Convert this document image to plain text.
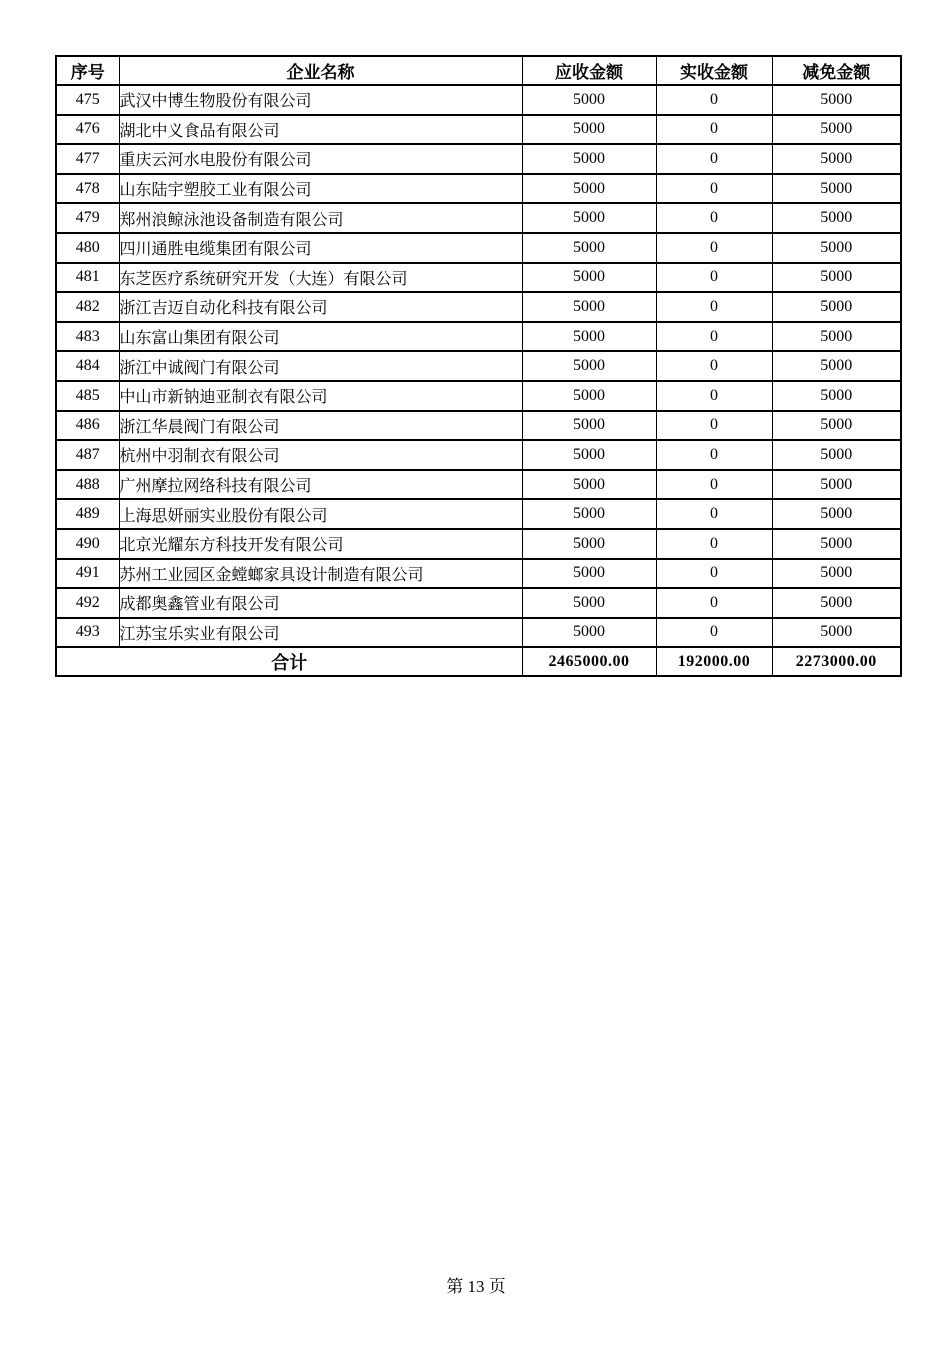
序号	企业名称	应收金额	实收金额	减免金额
475	武汉中博生物股份有限公司	5000	0	5000
476	湖北中义食品有限公司	5000	0	5000
477	重庆云河水电股份有限公司	5000	0	5000
478	山东陆宇塑胶工业有限公司	5000	0	5000
479	郑州浪鲸泳池设备制造有限公司	5000	0	5000
480	四川通胜电缆集团有限公司	5000	0	5000
481	东芝医疗系统研究开发（大连）有限公司	5000	0	5000
482	浙江吉迈自动化科技有限公司	5000	0	5000
483	山东富山集团有限公司	5000	0	5000
484	浙江中诚阀门有限公司	5000	0	5000
485	中山市新钠迪亚制衣有限公司	5000	0	5000
486	浙江华晨阀门有限公司	5000	0	5000
487	杭州中羽制衣有限公司	5000	0	5000
488	广州摩拉网络科技有限公司	5000	0	5000
489	上海思妍丽实业股份有限公司	5000	0	5000
490	北京光耀东方科技开发有限公司	5000	0	5000
491	苏州工业园区金螳螂家具设计制造有限公司	5000	0	5000
492	成都奥鑫管业有限公司	5000	0	5000
493	江苏宝乐实业有限公司	5000	0	5000
合计		2465000.00	192000.00	2273000.00
第 13 页
